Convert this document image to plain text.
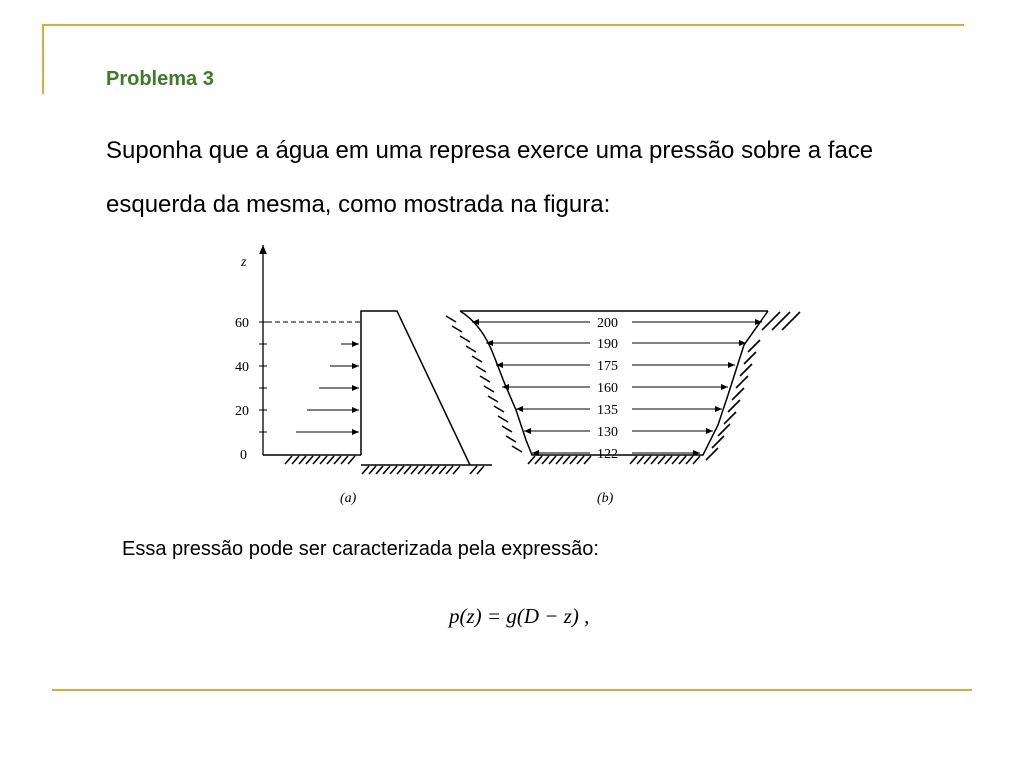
Problema 3
Suponha que a água em uma represa exerce uma pressão sobre a face esquerda da mesma, como mostrada na figura:
z
60
40
20
0
(a)
200
190
175
160
135
130
122
(b)
Essa pressão pode ser caracterizada pela expressão:
p(z) = g(D − z) ,
